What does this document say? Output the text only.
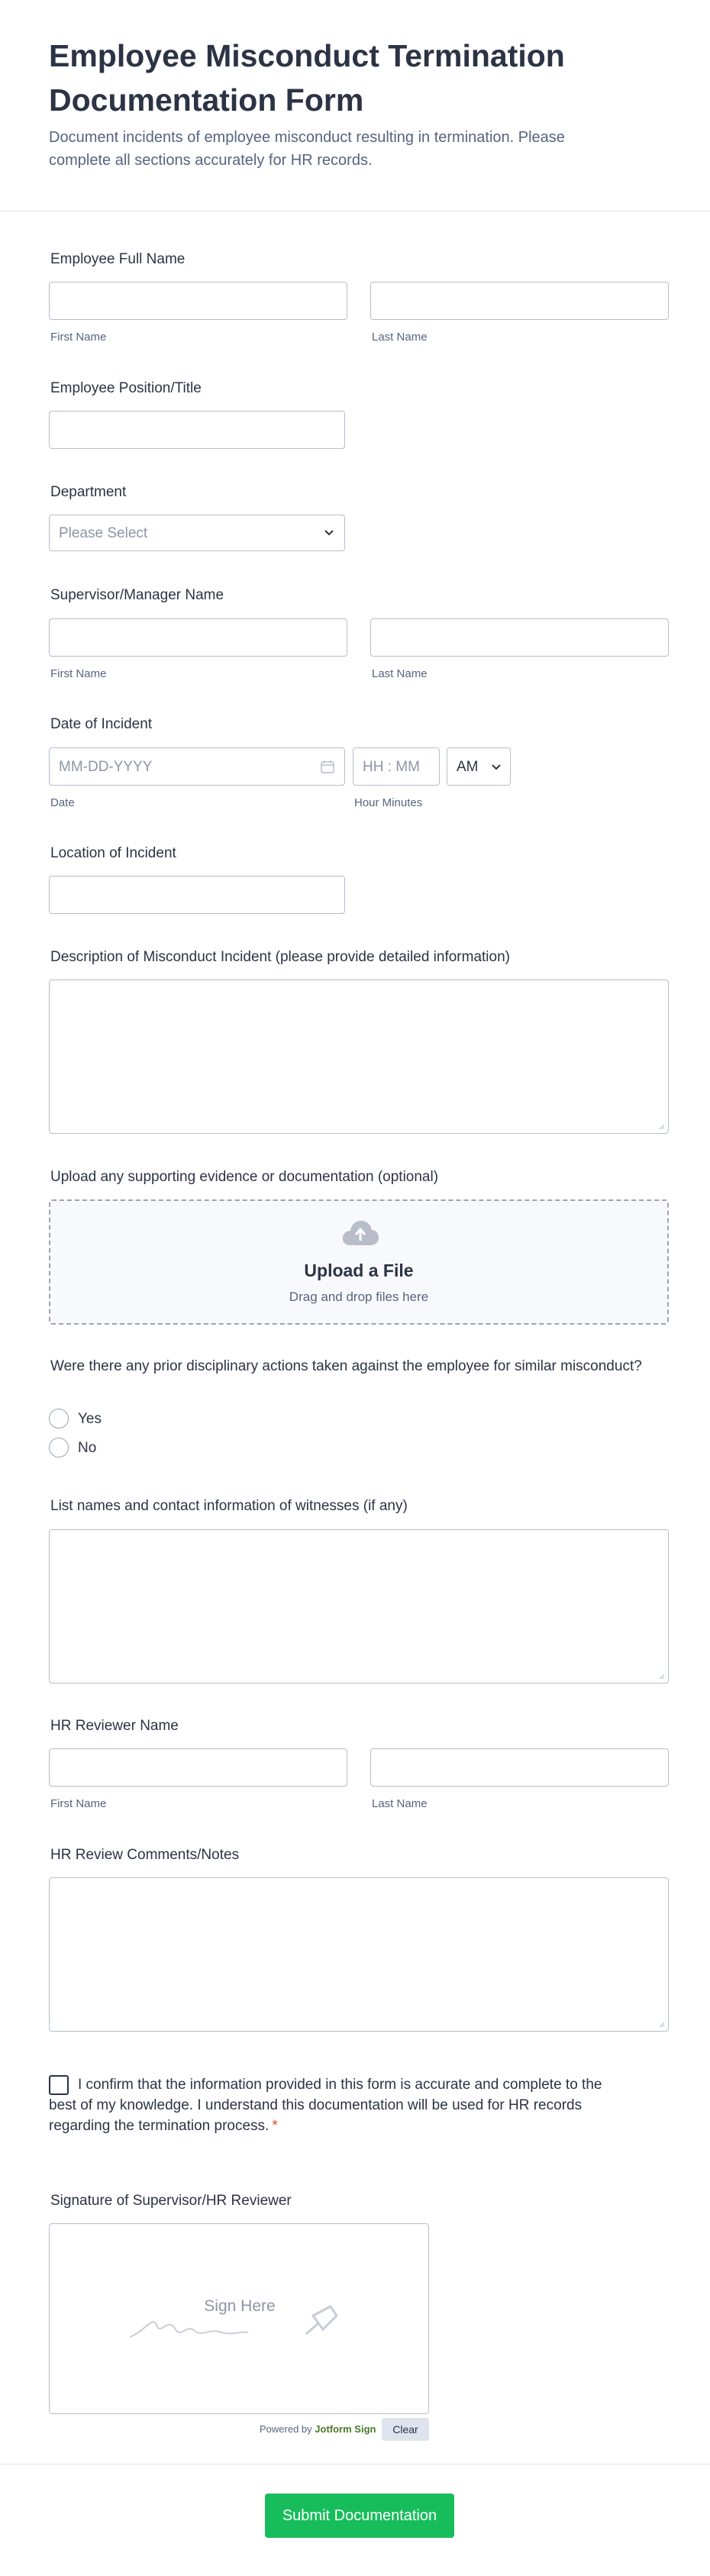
Employee Misconduct Termination Documentation Form
Document incidents of employee misconduct resulting in termination. Please complete all sections accurately for HR records.
Employee Full Name
First Name	Last Name
Employee Position/Title
Department
Please Select
Supervisor/Manager Name
First Name	Last Name
Date of Incident
MM-DD-YYYY	HH : MM	AM
Date	Hour Minutes
Location of Incident
Description of Misconduct Incident (please provide detailed information)
Upload any supporting evidence or documentation (optional)
Upload a File
Drag and drop files here
Were there any prior disciplinary actions taken against the employee for similar misconduct?
Yes
No
List names and contact information of witnesses (if any)
HR Reviewer Name
First Name	Last Name
HR Review Comments/Notes
I confirm that the information provided in this form is accurate and complete to the best of my knowledge. I understand this documentation will be used for HR records regarding the termination process. *
Signature of Supervisor/HR Reviewer
Sign Here
Powered by Jotform Sign	Clear
Submit Documentation
